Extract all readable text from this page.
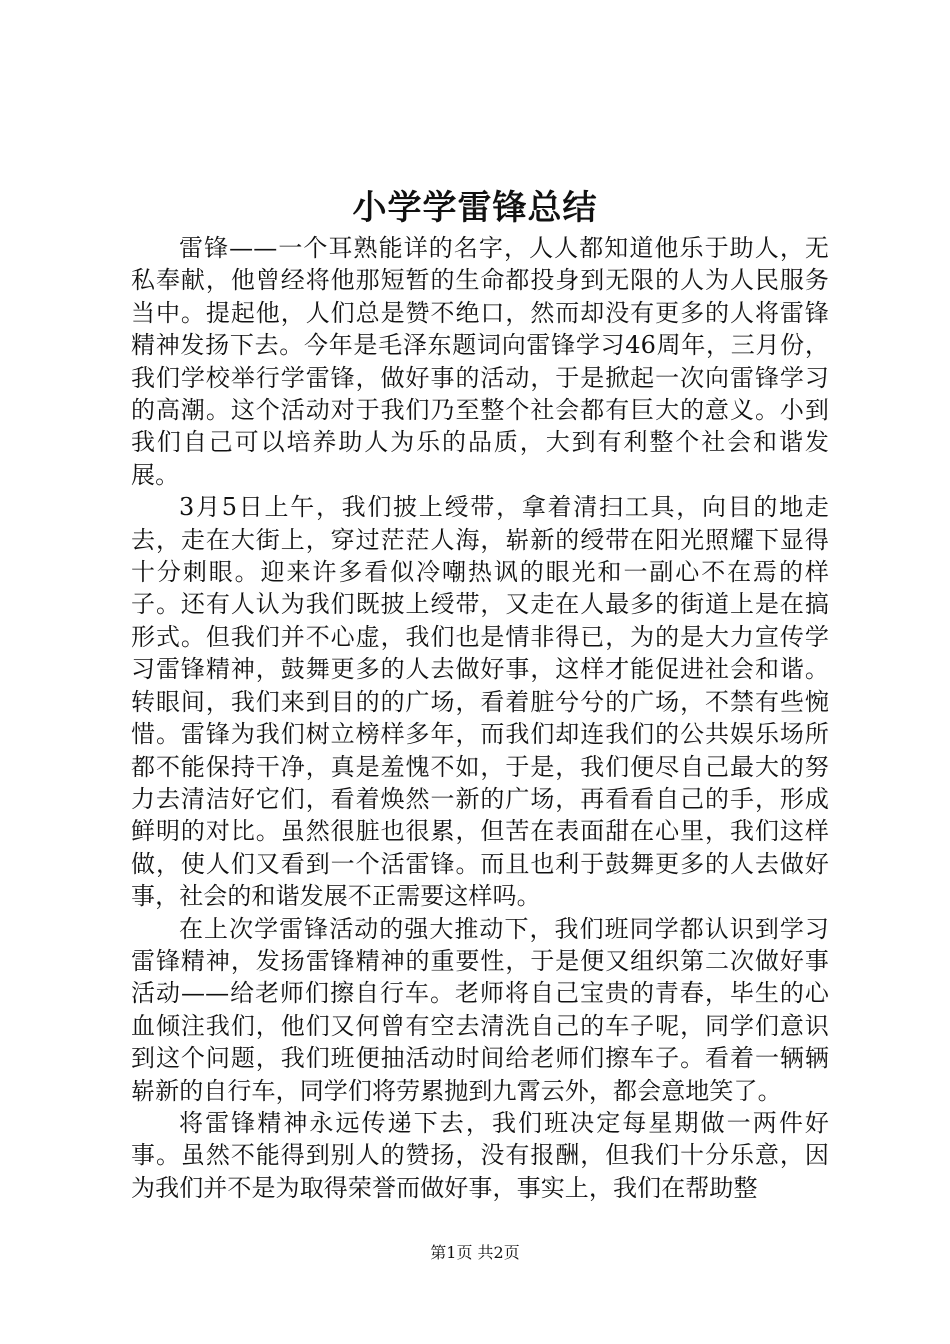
小学学雷锋总结

雷锋——一个耳熟能详的名字，人人都知道他乐于助人，无私奉献，他曾经将他那短暂的生命都投身到无限的人为人民服务当中。提起他，人们总是赞不绝口，然而却没有更多的人将雷锋精神发扬下去。今年是毛泽东题词向雷锋学习46周年，三月份，我们学校举行学雷锋，做好事的活动，于是掀起一次向雷锋学习的高潮。这个活动对于我们乃至整个社会都有巨大的意义。小到我们自己可以培养助人为乐的品质，大到有利整个社会和谐发展。

3月5日上午，我们披上绶带，拿着清扫工具，向目的地走去，走在大街上，穿过茫茫人海，崭新的绶带在阳光照耀下显得十分刺眼。迎来许多看似冷嘲热讽的眼光和一副心不在焉的样子。还有人认为我们既披上绶带，又走在人最多的街道上是在搞形式。但我们并不心虚，我们也是情非得已，为的是大力宣传学习雷锋精神，鼓舞更多的人去做好事，这样才能促进社会和谐。转眼间，我们来到目的的广场，看着脏兮兮的广场，不禁有些惋惜。雷锋为我们树立榜样多年，而我们却连我们的公共娱乐场所都不能保持干净，真是羞愧不如，于是，我们便尽自己最大的努力去清洁好它们，看着焕然一新的广场，再看看自己的手，形成鲜明的对比。虽然很脏也很累，但苦在表面甜在心里，我们这样做，使人们又看到一个活雷锋。而且也利于鼓舞更多的人去做好事，社会的和谐发展不正需要这样吗。

在上次学雷锋活动的强大推动下，我们班同学都认识到学习雷锋精神，发扬雷锋精神的重要性，于是便又组织第二次做好事活动——给老师们擦自行车。老师将自己宝贵的青春，毕生的心血倾注我们，他们又何曾有空去清洗自己的车子呢，同学们意识到这个问题，我们班便抽活动时间给老师们擦车子。看着一辆辆崭新的自行车，同学们将劳累抛到九霄云外，都会意地笑了。

将雷锋精神永远传递下去，我们班决定每星期做一两件好事。虽然不能得到别人的赞扬，没有报酬，但我们十分乐意，因为我们并不是为取得荣誉而做好事，事实上，我们在帮助整

第1页 共2页
